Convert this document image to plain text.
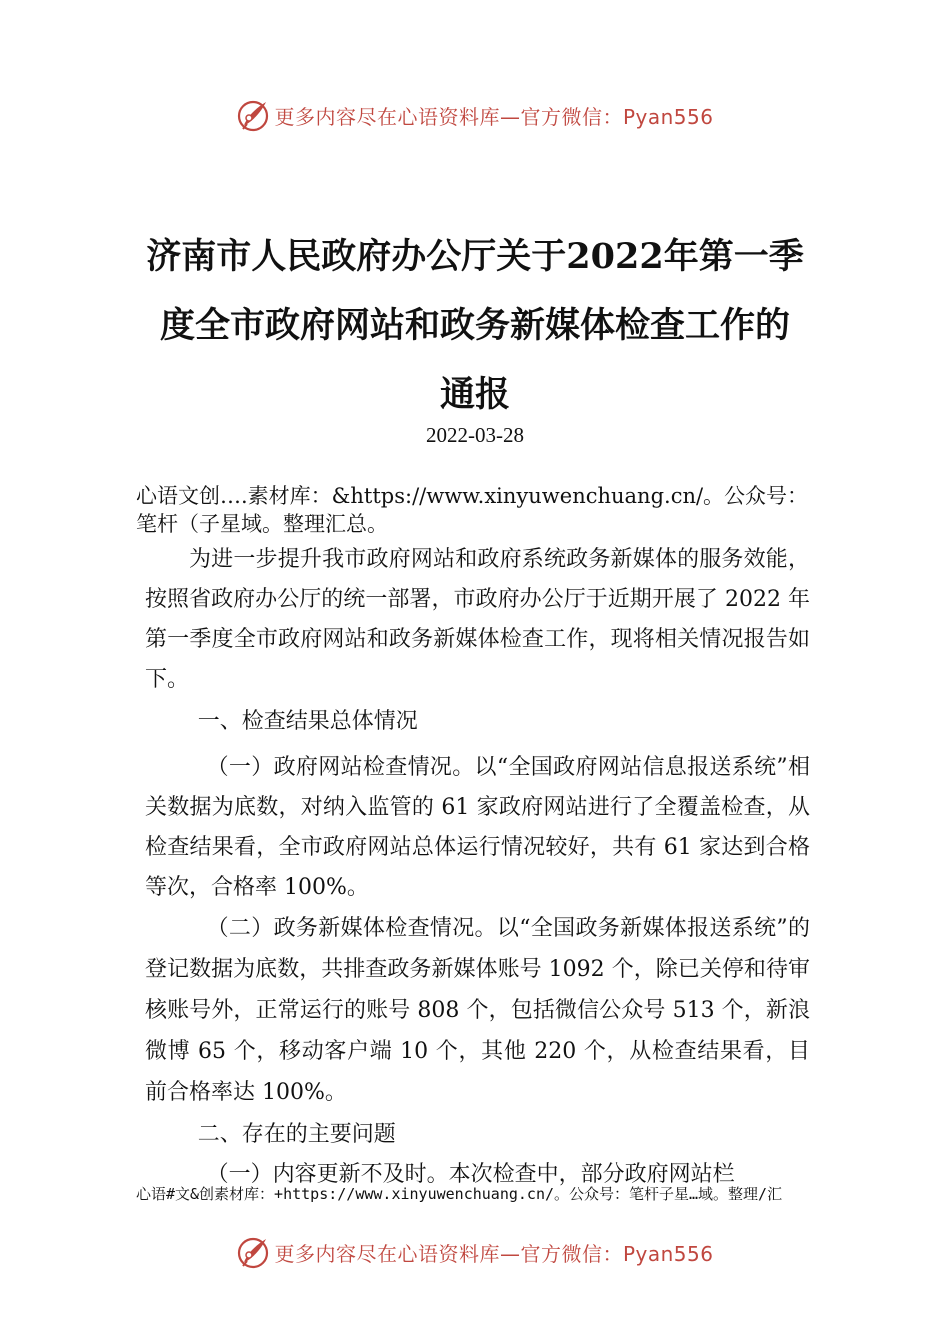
更多内容尽在心语资料库—官方微信：Pyan556
济南市人民政府办公厅关于2022年第一季
度全市政府网站和政务新媒体检查工作的
通报
2022-03-28

心语文创….素材库：&https://www.xinyuwenchuang.cn/。公众号：笔杆（子星域。整理汇总。

为进一步提升我市政府网站和政府系统政务新媒体的服务效能，按照省政府办公厅的统一部署，市政府办公厅于近期开展了 2022 年第一季度全市政府网站和政务新媒体检查工作，现将相关情况报告如下。

一、检查结果总体情况

（一）政府网站检查情况。以“全国政府网站信息报送系统”相关数据为底数，对纳入监管的 61 家政府网站进行了全覆盖检查，从检查结果看，全市政府网站总体运行情况较好，共有 61 家达到合格等次，合格率 100%。

（二）政务新媒体检查情况。以“全国政务新媒体报送系统”的登记数据为底数，共排查政务新媒体账号 1092 个，除已关停和待审核账号外，正常运行的账号 808 个，包括微信公众号 513 个，新浪微博 65 个，移动客户端 10 个，其他 220 个，从检查结果看，目前合格率达 100%。

二、存在的主要问题

（一）内容更新不及时。本次检查中，部分政府网站栏

心语#文&创素材库：+https://www.xinyuwenchuang.cn/。公众号：笔杆子星…域。整理/汇

更多内容尽在心语资料库—官方微信：Pyan556
